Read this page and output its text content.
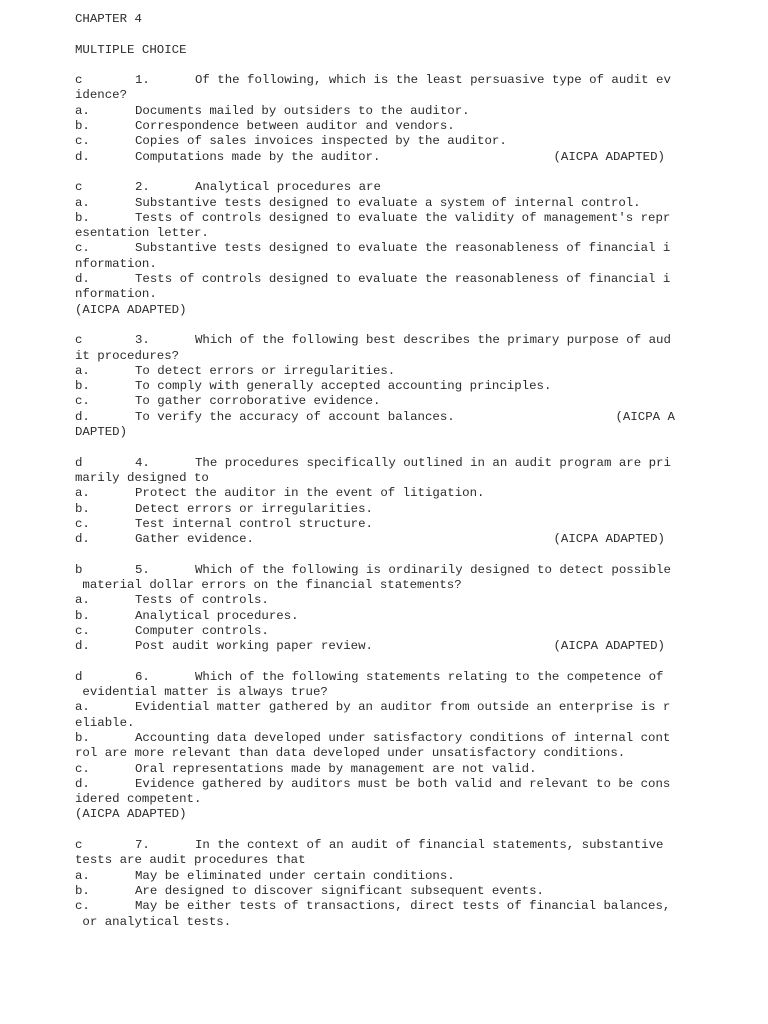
CHAPTER 4
MULTIPLE CHOICE
c	1.	Of the following, which is the least persuasive type of audit ev
idence?
a.	Documents mailed by outsiders to the auditor.
b.	Correspondence between auditor and vendors.
c.	Copies of sales invoices inspected by the auditor.
d.	Computations made by the auditor.	(AICPA ADAPTED)
c	2.	Analytical procedures are
a.	Substantive tests designed to evaluate a system of internal control.
b.	Tests of controls designed to evaluate the validity of management's repr
esentation letter.
c.	Substantive tests designed to evaluate the reasonableness of financial i
nformation.
d.	Tests of controls designed to evaluate the reasonableness of financial i
nformation.
(AICPA ADAPTED)
c	3.	Which of the following best describes the primary purpose of aud
it procedures?
a.	To detect errors or irregularities.
b.	To comply with generally accepted accounting principles.
c.	To gather corroborative evidence.
d.	To verify the accuracy of account balances.	(AICPA A
DAPTED)
d	4.	The procedures specifically outlined in an audit program are pri
marily designed to
a.	Protect the auditor in the event of litigation.
b.	Detect errors or irregularities.
c.	Test internal control structure.
d.	Gather evidence.	(AICPA ADAPTED)
b	5.	Which of the following is ordinarily designed to detect possible
material dollar errors on the financial statements?
a.	Tests of controls.
b.	Analytical procedures.
c.	Computer controls.
d.	Post audit working paper review.	(AICPA ADAPTED)
d	6.	Which of the following statements relating to the competence of
evidential matter is always true?
a.	Evidential matter gathered by an auditor from outside an enterprise is r
eliable.
b.	Accounting data developed under satisfactory conditions of internal cont
rol are more relevant than data developed under unsatisfactory conditions.
c.	Oral representations made by management are not valid.
d.	Evidence gathered by auditors must be both valid and relevant to be cons
idered competent.
(AICPA ADAPTED)
c	7.	In the context of an audit of financial statements, substantive
tests are audit procedures that
a.	May be eliminated under certain conditions.
b.	Are designed to discover significant subsequent events.
c.	May be either tests of transactions, direct tests of financial balances,
or analytical tests.
